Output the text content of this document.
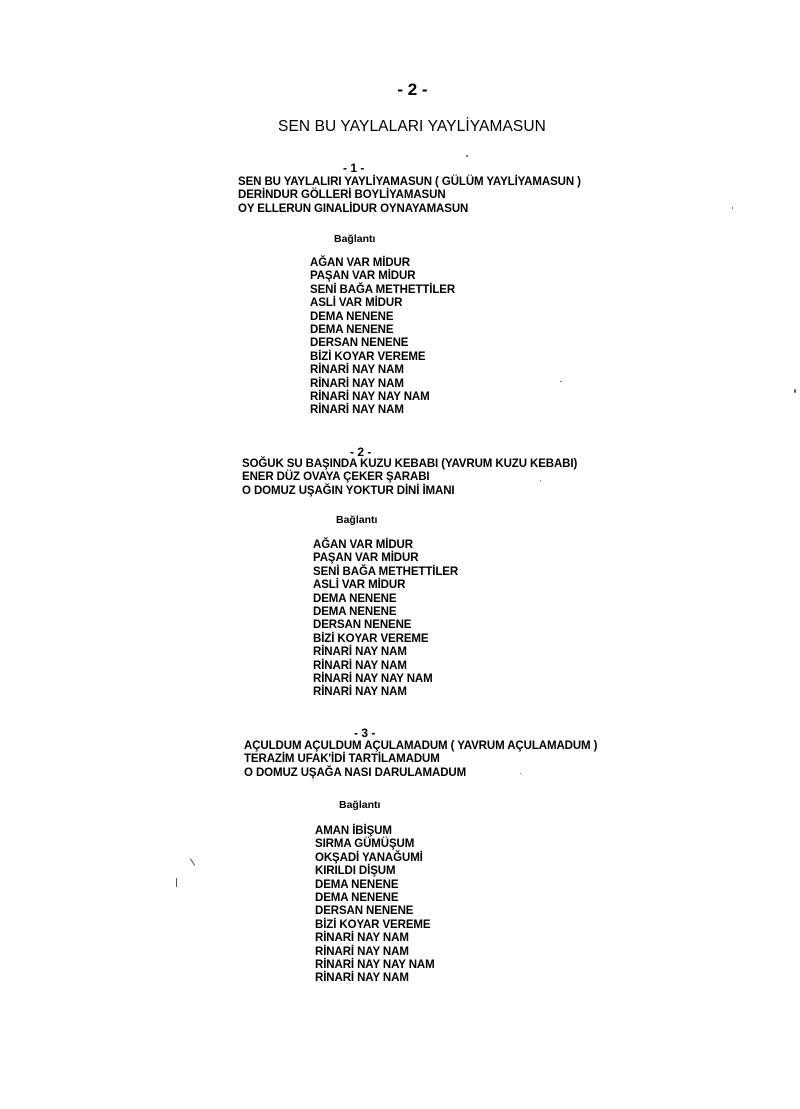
- 2 -
SEN BU YAYLALARI YAYLİYAMASUN
- 1 -
SEN BU YAYLALIRI YAYLİYAMASUN ( GÜLÜM YAYLİYAMASUN )
DERİNDUR GÖLLERİ BOYLİYAMASUN
OY ELLERUN GINALİDUR OYNAYAMASUN
Bağlantı
AĞAN VAR MİDUR
PAŞAN VAR MİDUR
SENİ BAĞA METHETTİLER
ASLİ VAR MİDUR
DEMA NENENE
DEMA NENENE
DERSAN NENENE
BİZİ KOYAR VEREME
RİNARİ NAY NAM
RİNARİ NAY NAM
RİNARİ NAY NAY NAM
RİNARİ NAY NAM
- 2 -
SOĞUK SU BAŞINDA KUZU KEBABI (YAVRUM KUZU KEBABI)
ENER DÜZ OVAYA ÇEKER ŞARABI
O DOMUZ UŞAĞIN YOKTUR DİNİ İMANI
Bağlantı
AĞAN VAR MİDUR
PAŞAN VAR MİDUR
SENİ BAĞA METHETTİLER
ASLİ VAR MİDUR
DEMA NENENE
DEMA NENENE
DERSAN NENENE
BİZİ KOYAR VEREME
RİNARİ NAY NAM
RİNARİ NAY NAM
RİNARİ NAY NAY NAM
RİNARİ NAY NAM
- 3 -
AÇULDUM AÇULDUM AÇULAMADUM ( YAVRUM AÇULAMADUM )
TERAZİM UFAK'İDİ TARTİLAMADUM
O DOMUZ UŞAĞA NASI DARULAMADUM
Bağlantı
AMAN İBİŞUM
SIRMA GÜMÜŞUM
OKŞADİ YANAĞUMİ
KIRILDI DİŞUM
DEMA NENENE
DEMA NENENE
DERSAN NENENE
BİZİ KOYAR VEREME
RİNARİ NAY NAM
RİNARİ NAY NAM
RİNARİ NAY NAY NAM
RİNARİ NAY NAM
